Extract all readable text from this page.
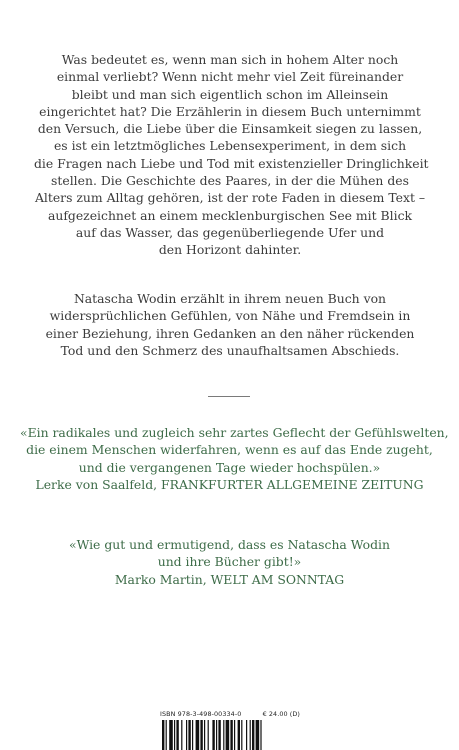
Was bedeutet es, wenn man sich in hohem Alter noch
einmal verliebt? Wenn nicht mehr viel Zeit füreinander
bleibt und man sich eigentlich schon im Alleinsein
eingerichtet hat? Die Erzählerin in diesem Buch unternimmt
den Versuch, die Liebe über die Einsamkeit siegen zu lassen,
es ist ein letztmögliches Lebensexperiment, in dem sich
die Fragen nach Liebe und Tod mit existenzieller Dringlichkeit
stellen. Die Geschichte des Paares, in der die Mühen des
Alters zum Alltag gehören, ist der rote Faden in diesem Text –
aufgezeichnet an einem mecklenburgischen See mit Blick
auf das Wasser, das gegenüberliegende Ufer und
den Horizont dahinter.

Natascha Wodin erzählt in ihrem neuen Buch von
widersprüchlichen Gefühlen, von Nähe und Fremdsein in
einer Beziehung, ihren Gedanken an den näher rückenden
Tod und den Schmerz des unaufhaltsamen Abschieds.

«Ein radikales und zugleich sehr zartes Geflecht der Gefühlswelten,
die einem Menschen widerfahren, wenn es auf das Ende zugeht,
und die vergangenen Tage wieder hochspülen.»
Lerke von Saalfeld, FRANKFURTER ALLGEMEINE ZEITUNG

«Wie gut und ermutigend, dass es Natascha Wodin
und ihre Bücher gibt!»
Marko Martin, WELT AM SONNTAG

ISBN 978-3-498-00334-0	€ 24.00 (D)
